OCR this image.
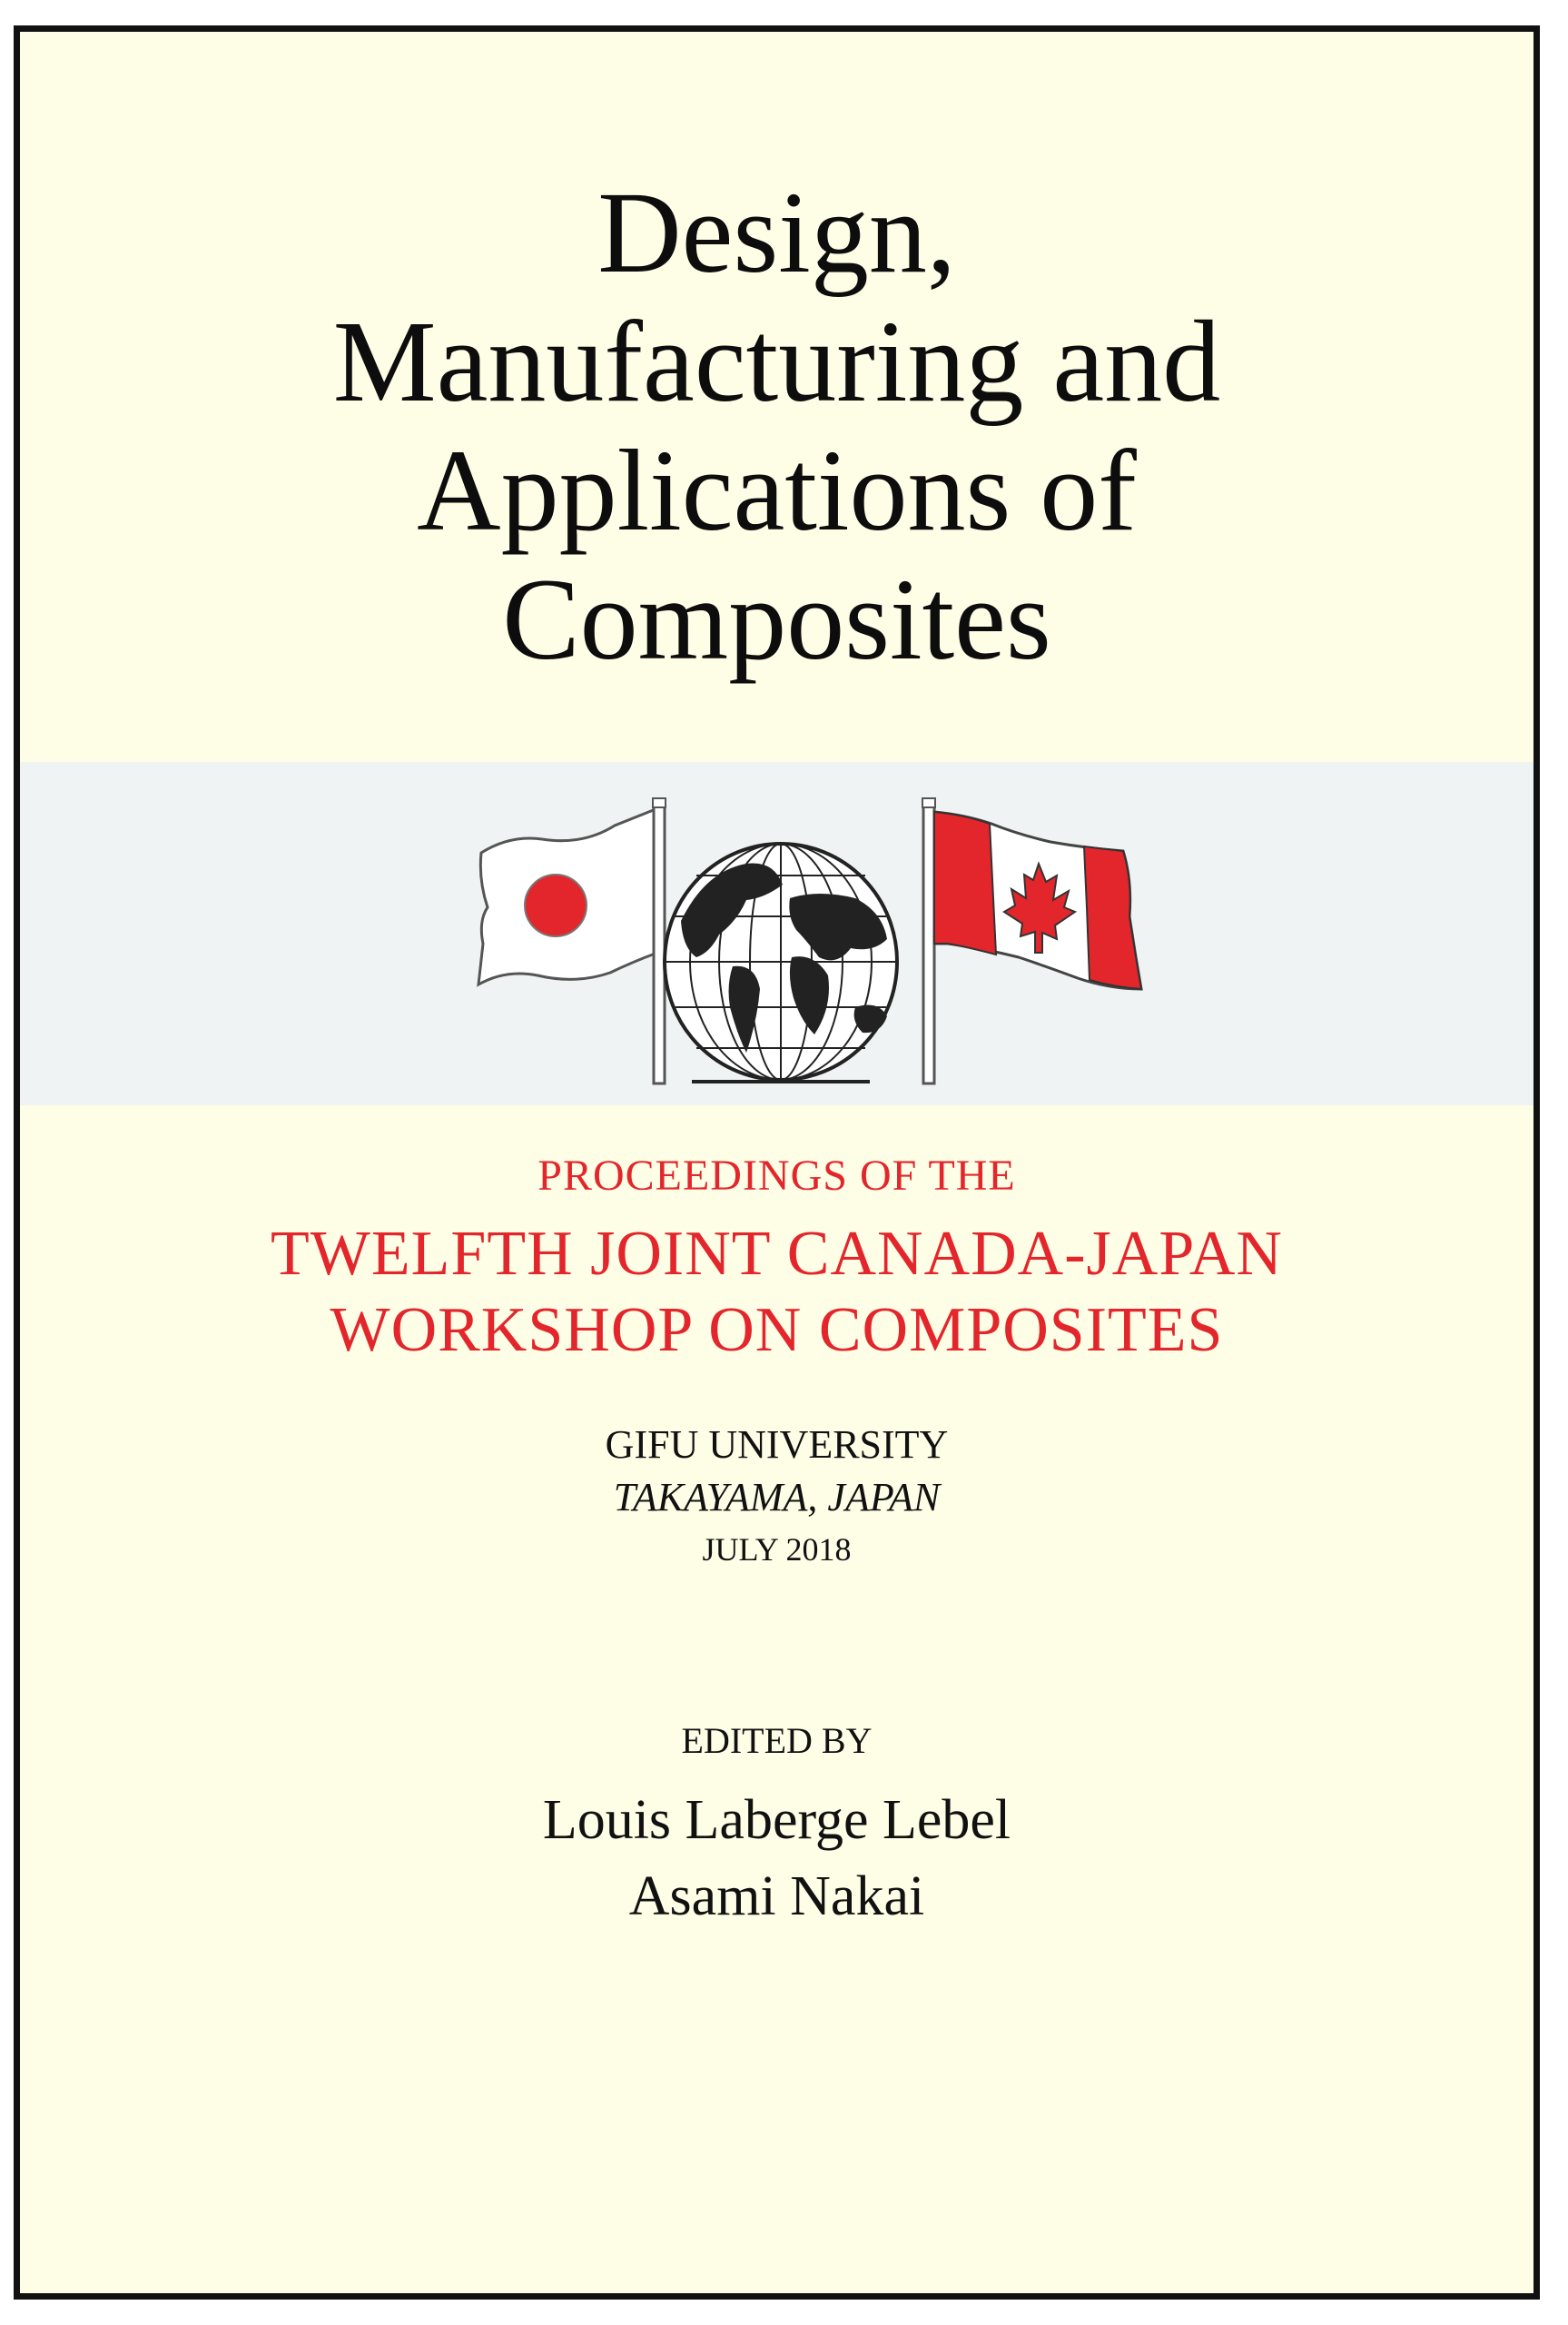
Design,
Manufacturing and
Applications of
Composites

PROCEEDINGS OF THE

TWELFTH JOINT CANADA-JAPAN

WORKSHOP ON COMPOSITES

GIFU UNIVERSITY

TAKAYAMA, JAPAN

JULY 2018

EDITED BY

Louis Laberge Lebel

Asami Nakai
